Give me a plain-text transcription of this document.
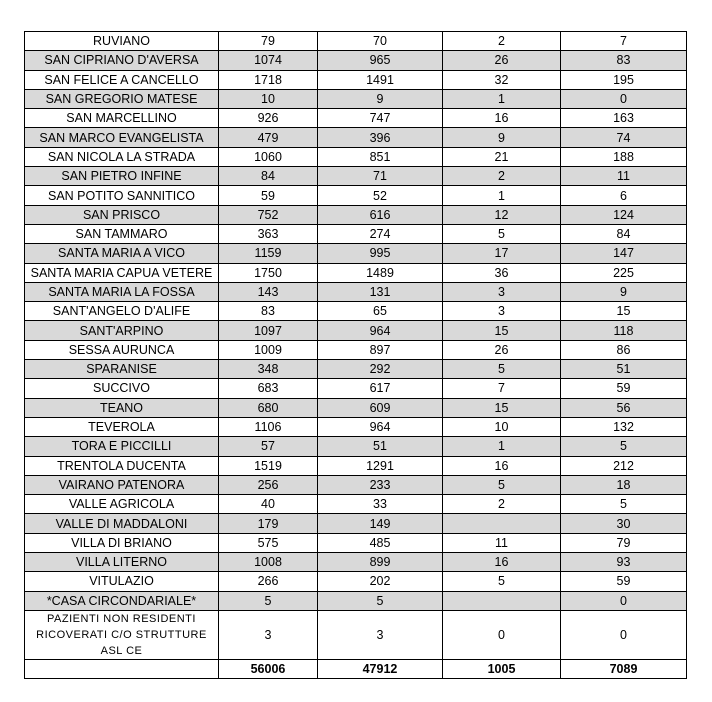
RUVIANO	79	70	2	7
SAN CIPRIANO D'AVERSA	1074	965	26	83
SAN FELICE A CANCELLO	1718	1491	32	195
SAN GREGORIO MATESE	10	9	1	0
SAN MARCELLINO	926	747	16	163
SAN MARCO EVANGELISTA	479	396	9	74
SAN NICOLA LA STRADA	1060	851	21	188
SAN PIETRO INFINE	84	71	2	11
SAN POTITO SANNITICO	59	52	1	6
SAN PRISCO	752	616	12	124
SAN TAMMARO	363	274	5	84
SANTA MARIA A VICO	1159	995	17	147
SANTA MARIA CAPUA VETERE	1750	1489	36	225
SANTA MARIA LA FOSSA	143	131	3	9
SANT'ANGELO D'ALIFE	83	65	3	15
SANT'ARPINO	1097	964	15	118
SESSA AURUNCA	1009	897	26	86
SPARANISE	348	292	5	51
SUCCIVO	683	617	7	59
TEANO	680	609	15	56
TEVEROLA	1106	964	10	132
TORA E PICCILLI	57	51	1	5
TRENTOLA DUCENTA	1519	1291	16	212
VAIRANO PATENORA	256	233	5	18
VALLE AGRICOLA	40	33	2	5
VALLE DI MADDALONI	179	149		30
VILLA DI BRIANO	575	485	11	79
VILLA LITERNO	1008	899	16	93
VITULAZIO	266	202	5	59
*CASA CIRCONDARIALE*	5	5		0
PAZIENTI NON RESIDENTI RICOVERATI C/O STRUTTURE ASL CE	3	3	0	0
	56006	47912	1005	7089
